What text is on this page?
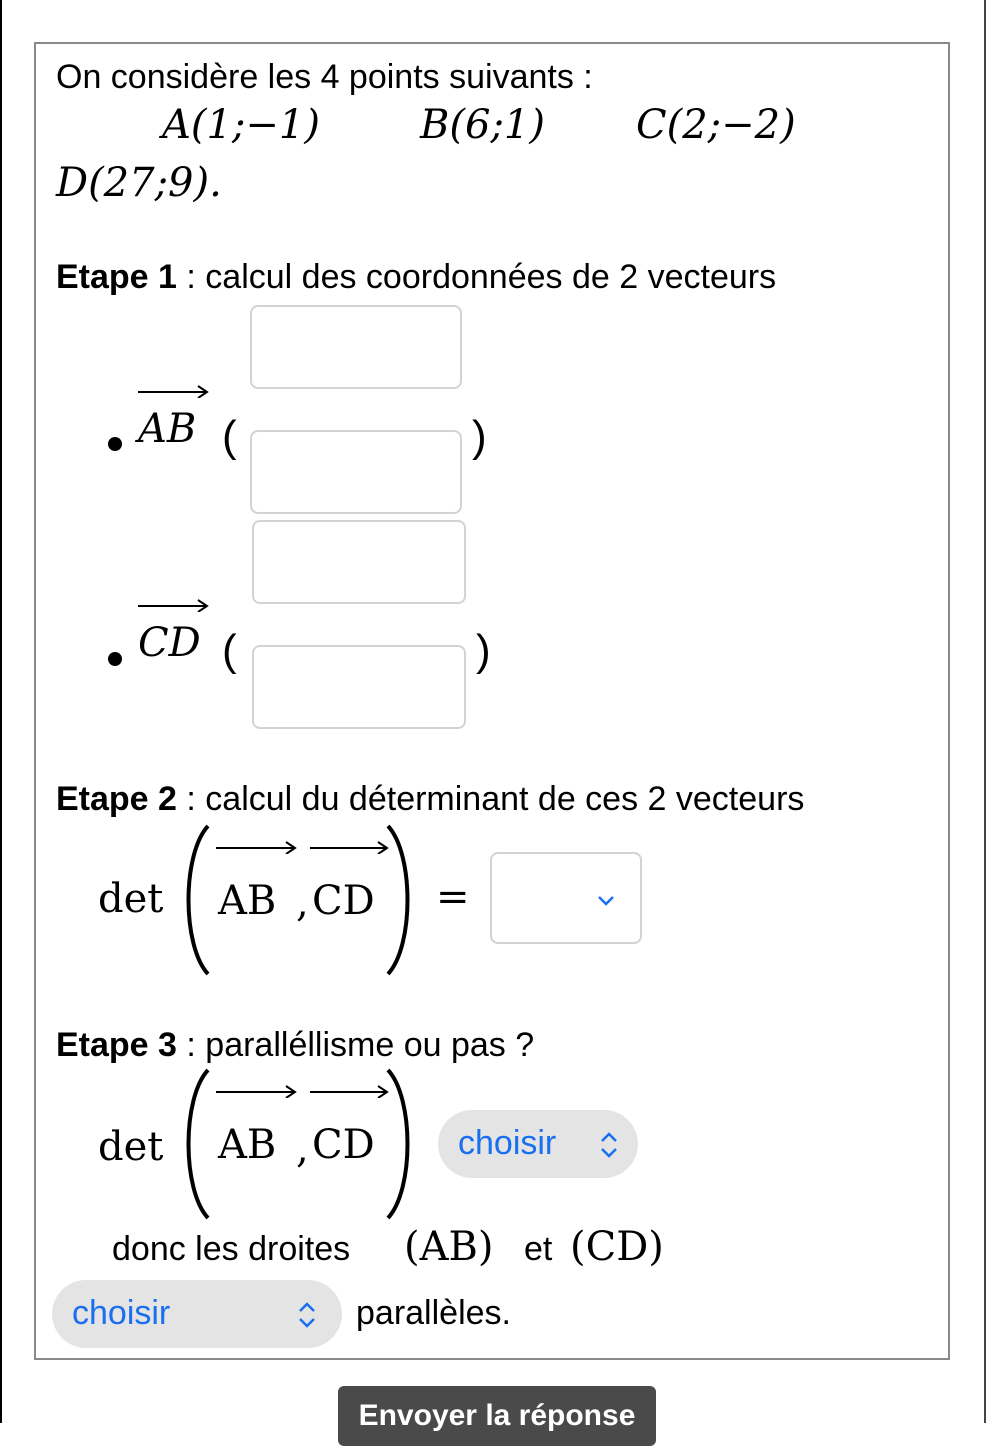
On considère les 4 points suivants :
A(1;−1)	B(6;1) C(2;−2)
D(27;9).
Etape 1 : calcul des coordonnées de 2 vecteurs
AB (	)
CD (	)
Etape 2 : calcul du déterminant de ces 2 vecteurs
det AB , CD =
Etape 3 : paralléllisme ou pas ?
det AB , CD choisir
donc les droites (AB) et (CD)
choisir	parallèles.
Envoyer la réponse
